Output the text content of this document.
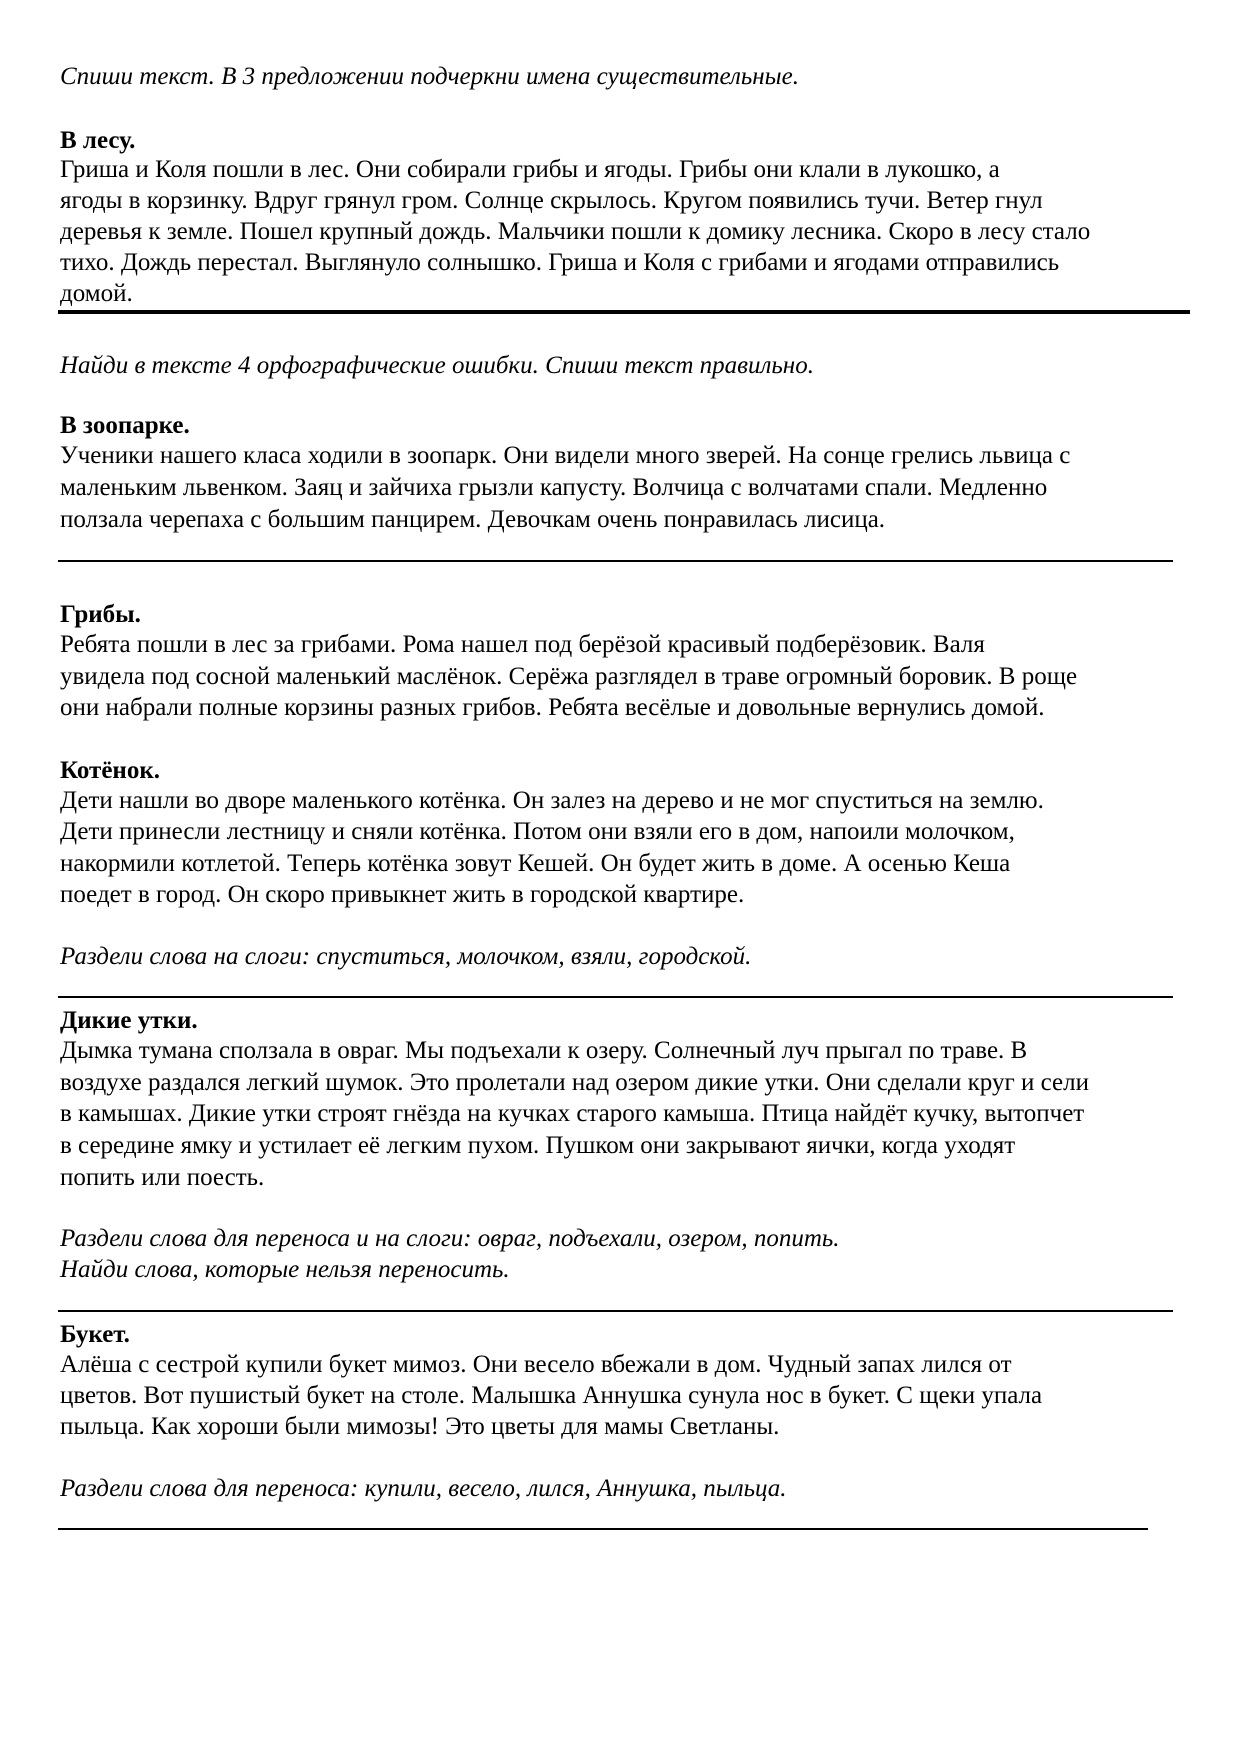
Спиши текст. В 3 предложении подчеркни имена существительные.

В лесу.

Гриша и Коля пошли в лес. Они собирали грибы и ягоды. Грибы они клали в лукошко, а

ягоды в корзинку. Вдруг грянул гром. Солнце скрылось. Кругом появились тучи. Ветер гнул

деревья к земле. Пошел крупный дождь. Мальчики пошли к домику лесника. Скоро в лесу стало

тихо. Дождь перестал. Выглянуло солнышко. Гриша и Коля с грибами и ягодами отправились

домой.

Найди в тексте 4 орфографические ошибки. Спиши текст правильно.

В зоопарке.

Ученики нашего класа ходили в зоопарк. Они видели много зверей. На сонце грелись львица с

маленьким львенком. Заяц и зайчиха грызли капусту. Волчица с волчатами спали. Медленно

ползала черепаха с большим панцирем. Девочкам очень понравилась лисица.

Грибы.

Ребята пошли в лес за грибами. Рома нашел под берёзой красивый подберёзовик. Валя

увидела под сосной маленький маслёнок. Серёжа разглядел в траве огромный боровик. В роще

они набрали полные корзины разных грибов. Ребята весёлые и довольные вернулись домой.

Котёнок.

Дети нашли во дворе маленького котёнка. Он залез на дерево и не мог спуститься на землю.

Дети принесли лестницу и сняли котёнка. Потом они взяли его в дом, напоили молочком,

накормили котлетой. Теперь котёнка зовут Кешей. Он будет жить в доме. А осенью Кеша

поедет в город. Он скоро привыкнет жить в городской квартире.

Раздели слова на слоги: спуститься, молочком, взяли, городской.

Дикие утки.

Дымка тумана сползала в овраг. Мы подъехали к озеру. Солнечный луч прыгал по траве. В

воздухе раздался легкий шумок. Это пролетали над озером дикие утки. Они сделали круг и сели

в камышах. Дикие утки строят гнёзда на кучках старого камыша. Птица найдёт кучку, вытопчет

в середине ямку и устилает её легким пухом. Пушком они закрывают яички, когда уходят

попить или поесть.

Раздели слова для переноса и на слоги: овраг, подъехали, озером, попить.

Найди слова, которые нельзя переносить.

Букет.

Алёша с сестрой купили букет мимоз. Они весело вбежали в дом. Чудный запах лился от

цветов. Вот пушистый букет на столе. Малышка Аннушка сунула нос в букет. С щеки упала

пыльца. Как хороши были мимозы! Это цветы для мамы Светланы.

Раздели слова для переноса: купили, весело, лился, Аннушка, пыльца.
